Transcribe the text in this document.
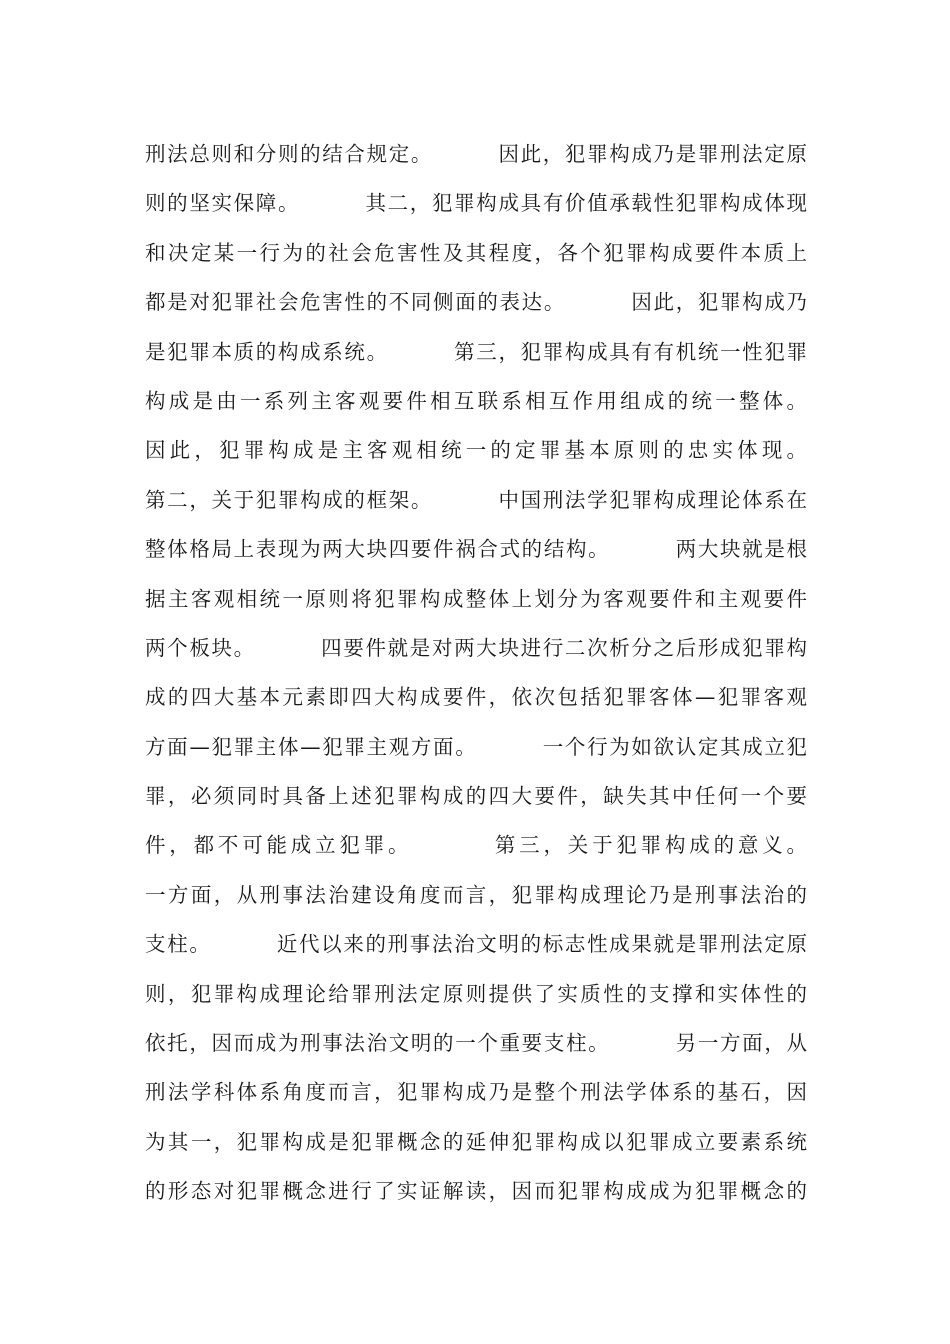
刑法总则和分则的结合规定。        因此，犯罪构成乃是罪刑法定原
则的坚实保障。        其二，犯罪构成具有价值承载性犯罪构成体现
和决定某一行为的社会危害性及其程度，各个犯罪构成要件本质上
都是对犯罪社会危害性的不同侧面的表达。        因此，犯罪构成乃
是犯罪本质的构成系统。        第三，犯罪构成具有有机统一性犯罪
构成是由一系列主客观要件相互联系相互作用组成的统一整体。
因此，犯罪构成是主客观相统一的定罪基本原则的忠实体现。
第二，关于犯罪构成的框架。        中国刑法学犯罪构成理论体系在
整体格局上表现为两大块四要件祸合式的结构。        两大块就是根
据主客观相统一原则将犯罪构成整体上划分为客观要件和主观要件
两个板块。        四要件就是对两大块进行二次析分之后形成犯罪构
成的四大基本元素即四大构成要件，依次包括犯罪客体—犯罪客观
方面—犯罪主体—犯罪主观方面。        一个行为如欲认定其成立犯
罪，必须同时具备上述犯罪构成的四大要件，缺失其中任何一个要
件，都不可能成立犯罪。        第三，关于犯罪构成的意义。
一方面，从刑事法治建设角度而言，犯罪构成理论乃是刑事法治的
支柱。        近代以来的刑事法治文明的标志性成果就是罪刑法定原
则，犯罪构成理论给罪刑法定原则提供了实质性的支撑和实体性的
依托，因而成为刑事法治文明的一个重要支柱。        另一方面，从
刑法学科体系角度而言，犯罪构成乃是整个刑法学体系的基石，因
为其一，犯罪构成是犯罪概念的延伸犯罪构成以犯罪成立要素系统
的形态对犯罪概念进行了实证解读，因而犯罪构成成为犯罪概念的
